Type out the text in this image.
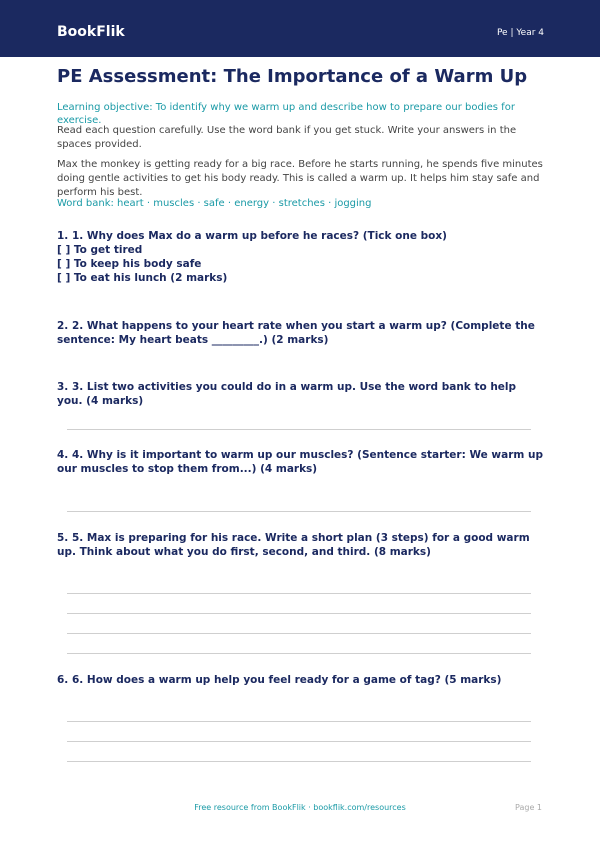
BookFlik	Pe | Year 4
PE Assessment: The Importance of a Warm Up
Learning objective: To identify why we warm up and describe how to prepare our bodies for exercise.
Read each question carefully. Use the word bank if you get stuck. Write your answers in the spaces provided.
Max the monkey is getting ready for a big race. Before he starts running, he spends five minutes doing gentle activities to get his body ready. This is called a warm up. It helps him stay safe and perform his best.
Word bank: heart · muscles · safe · energy · stretches · jogging
1. 1. Why does Max do a warm up before he races? (Tick one box)
[ ] To get tired
[ ] To keep his body safe
[ ] To eat his lunch (2 marks)
2. 2. What happens to your heart rate when you start a warm up? (Complete the sentence: My heart beats _________.) (2 marks)
3. 3. List two activities you could do in a warm up. Use the word bank to help you. (4 marks)
4. 4. Why is it important to warm up our muscles? (Sentence starter: We warm up our muscles to stop them from...) (4 marks)
5. 5. Max is preparing for his race. Write a short plan (3 steps) for a good warm up. Think about what you do first, second, and third. (8 marks)
6. 6. How does a warm up help you feel ready for a game of tag? (5 marks)
Free resource from BookFlik · bookflik.com/resources	Page 1
